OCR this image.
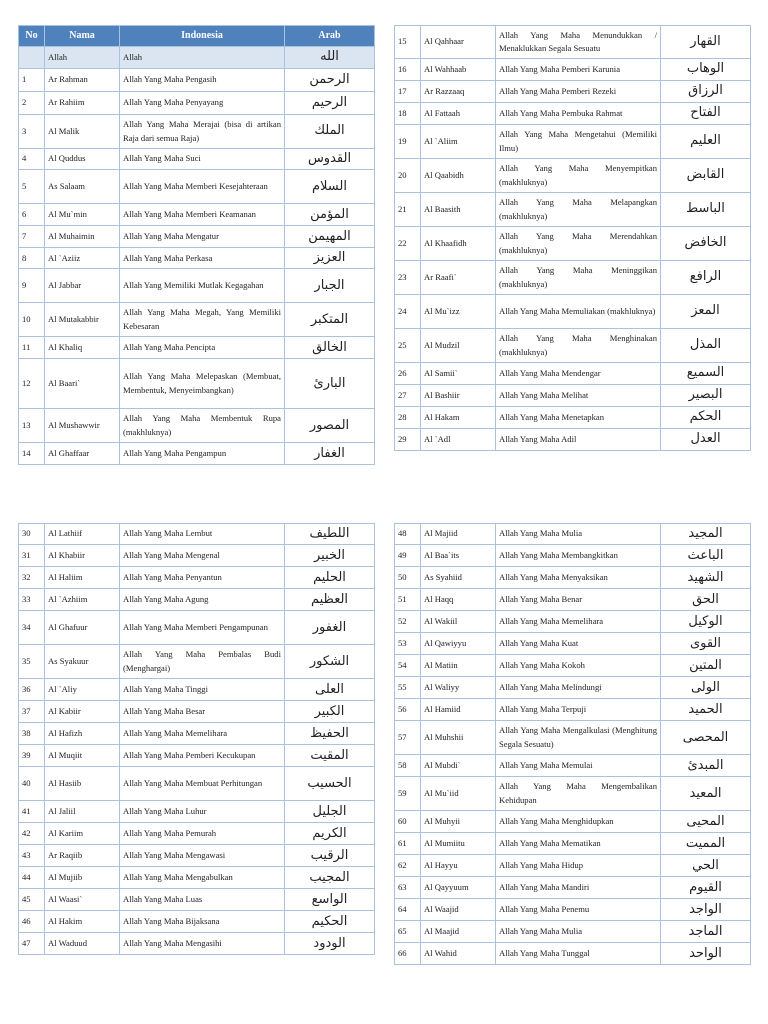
No	Nama	Indonesia	Arab
	Allah	Allah	الله
1	Ar Rahman	Allah Yang Maha Pengasih	الرحمن
2	Ar Rahiim	Allah Yang Maha Penyayang	الرحيم
3	Al Malik	Allah Yang Maha Merajai (bisa di artikan Raja dari semua Raja)	الملك
4	Al Quddus	Allah Yang Maha Suci	القدوس
5	As Salaam	Allah Yang Maha Memberi Kesejahteraan	السلام
6	Al Mu`min	Allah Yang Maha Memberi Keamanan	المؤمن
7	Al Muhaimin	Allah Yang Maha Mengatur	المهيمن
8	Al `Aziiz	Allah Yang Maha Perkasa	العزيز
9	Al Jabbar	Allah Yang Memiliki Mutlak Kegagahan	الجبار
10	Al Mutakabbir	Allah Yang Maha Megah, Yang Memiliki Kebesaran	المتكبر
11	Al Khaliq	Allah Yang Maha Pencipta	الخالق
12	Al Baari`	Allah Yang Maha Melepaskan (Membuat, Membentuk, Menyeimbangkan)	البارئ
13	Al Mushawwir	Allah Yang Maha Membentuk Rupa (makhluknya)	المصور
14	Al Ghaffaar	Allah Yang Maha Pengampun	الغفار
15	Al Qahhaar	Allah Yang Maha Menundukkan / Menaklukkan Segala Sesuatu	القهار
16	Al Wahhaab	Allah Yang Maha Pemberi Karunia	الوهاب
17	Ar Razzaaq	Allah Yang Maha Pemberi Rezeki	الرزاق
18	Al Fattaah	Allah Yang Maha Pembuka Rahmat	الفتاح
19	Al `Aliim	Allah Yang Maha Mengetahui (Memiliki Ilmu)	العليم
20	Al Qaabidh	Allah Yang Maha Menyempitkan (makhluknya)	القابض
21	Al Baasith	Allah Yang Maha Melapangkan (makhluknya)	الباسط
22	Al Khaafidh	Allah Yang Maha Merendahkan (makhluknya)	الخافض
23	Ar Raafi`	Allah Yang Maha Meninggikan (makhluknya)	الرافع
24	Al Mu`izz	Allah Yang Maha Memuliakan (makhluknya)	المعز
25	Al Mudzil	Allah Yang Maha Menghinakan (makhluknya)	المذل
26	Al Samii`	Allah Yang Maha Mendengar	السميع
27	Al Bashiir	Allah Yang Maha Melihat	البصير
28	Al Hakam	Allah Yang Maha Menetapkan	الحكم
29	Al `Adl	Allah Yang Maha Adil	العدل
30	Al Lathiif	Allah Yang Maha Lembut	اللطيف
31	Al Khabiir	Allah Yang Maha Mengenal	الخبير
32	Al Haliim	Allah Yang Maha Penyantun	الحليم
33	Al `Azhiim	Allah Yang Maha Agung	العظيم
34	Al Ghafuur	Allah Yang Maha Memberi Pengampunan	الغفور
35	As Syakuur	Allah Yang Maha Pembalas Budi (Menghargai)	الشكور
36	Al `Aliy	Allah Yang Maha Tinggi	العلى
37	Al Kabiir	Allah Yang Maha Besar	الكبير
38	Al Hafizh	Allah Yang Maha Memelihara	الحفيظ
39	Al Muqiit	Allah Yang Maha Pemberi Kecukupan	المقيت
40	Al Hasiib	Allah Yang Maha Membuat Perhitungan	الحسيب
41	Al Jaliil	Allah Yang Maha Luhur	الجليل
42	Al Kariim	Allah Yang Maha Pemurah	الكريم
43	Ar Raqiib	Allah Yang Maha Mengawasi	الرقيب
44	Al Mujiib	Allah Yang Maha Mengabulkan	المجيب
45	Al Waasi`	Allah Yang Maha Luas	الواسع
46	Al Hakim	Allah Yang Maha Bijaksana	الحكيم
47	Al Waduud	Allah Yang Maha Mengasihi	الودود
48	Al Majiid	Allah Yang Maha Mulia	المجيد
49	Al Baa`its	Allah Yang Maha Membangkitkan	الباعث
50	As Syahiid	Allah Yang Maha Menyaksikan	الشهيد
51	Al Haqq	Allah Yang Maha Benar	الحق
52	Al Wakiil	Allah Yang Maha Memelihara	الوكيل
53	Al Qawiyyu	Allah Yang Maha Kuat	القوى
54	Al Matiin	Allah Yang Maha Kokoh	المتين
55	Al Waliyy	Allah Yang Maha Melindungi	الولى
56	Al Hamiid	Allah Yang Maha Terpuji	الحميد
57	Al Muhshii	Allah Yang Maha Mengalkulasi (Menghitung Segala Sesuatu)	المحصى
58	Al Mubdi`	Allah Yang Maha Memulai	المبدئ
59	Al Mu`iid	Allah Yang Maha Mengembalikan Kehidupan	المعيد
60	Al Muhyii	Allah Yang Maha Menghidupkan	المحيى
61	Al Mumiitu	Allah Yang Maha Mematikan	المميت
62	Al Hayyu	Allah Yang Maha Hidup	الحي
63	Al Qayyuum	Allah Yang Maha Mandiri	القيوم
64	Al Waajid	Allah Yang Maha Penemu	الواجد
65	Al Maajid	Allah Yang Maha Mulia	الماجد
66	Al Wahid	Allah Yang Maha Tunggal	الواحد
